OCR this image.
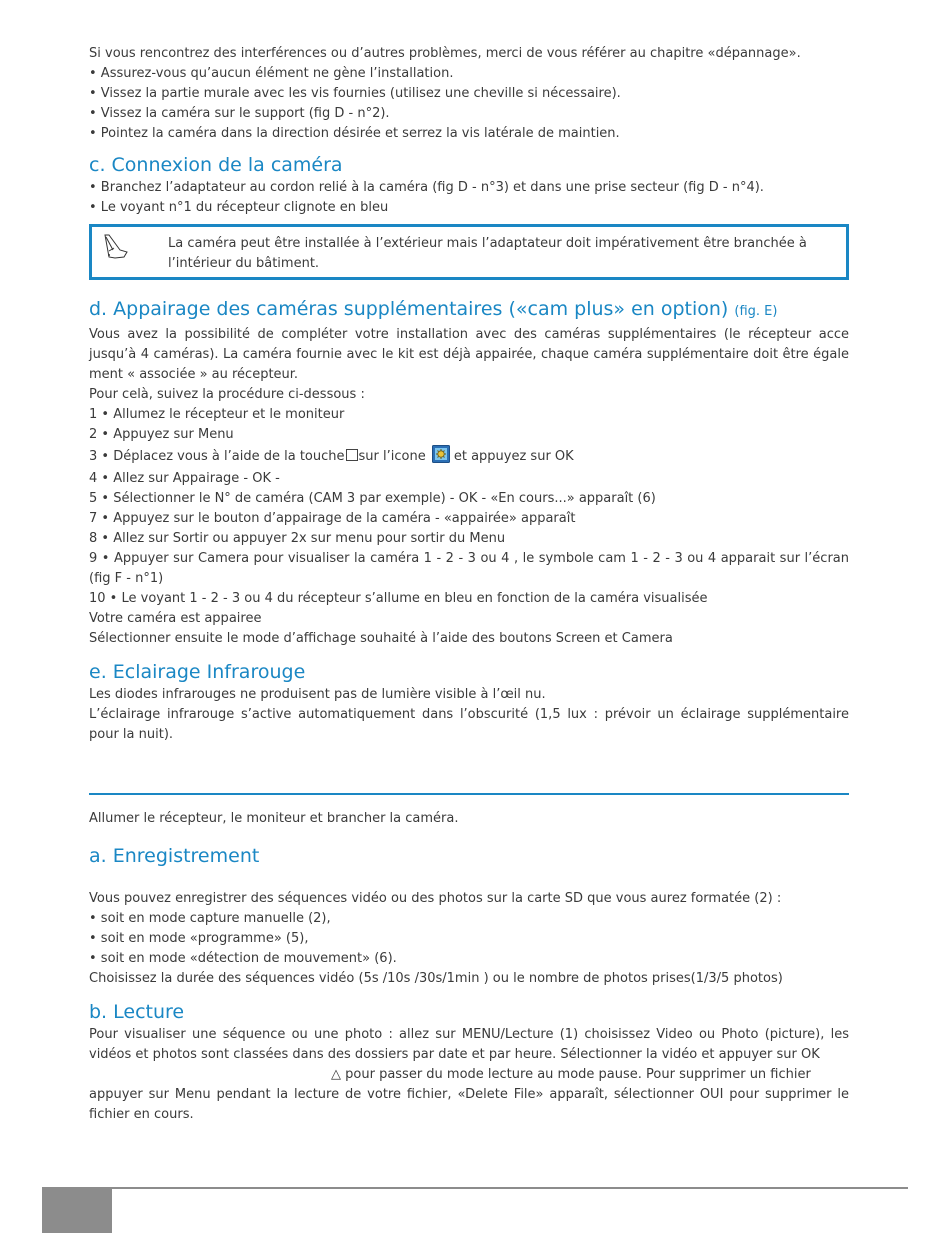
Si vous rencontrez des interférences ou d’autres problèmes, merci de vous référer au chapitre «dépannage».
• Assurez-vous qu’aucun élément ne gène l’installation.
• Vissez la partie murale avec les vis fournies (utilisez une cheville si nécessaire).
• Vissez la caméra sur le support (fig D - n°2).
• Pointez la caméra dans la direction désirée et serrez la vis latérale de maintien.
c. Connexion de la caméra
• Branchez l’adaptateur au cordon relié à la caméra (fig D - n°3) et dans une prise secteur (fig D - n°4).
• Le voyant n°1 du récepteur clignote en bleu
La caméra peut être installée à l’extérieur mais l’adaptateur doit impérativement être branchée à l’intérieur du bâtiment.
d. Appairage des caméras supplémentaires («cam plus» en option) (fig. E)
Vous avez la possibilité de compléter votre installation avec des caméras supplémentaires (le récepteur acce jusqu’à 4 caméras). La caméra fournie avec le kit est déjà appairée, chaque caméra supplémentaire doit être égale ment « associée » au récepteur.
Pour celà, suivez la procédure ci-dessous :
1 • Allumez le récepteur et le moniteur
2 • Appuyez sur Menu
3 • Déplacez vous à l’aide de la touche sur l’icone et appuyez sur OK
4 • Allez sur Appairage - OK -
5 • Sélectionner le N° de caméra (CAM 3 par exemple) - OK - «En cours...» apparaît (6)
7 • Appuyez sur le bouton d’appairage de la caméra - «appairée» apparaît
8 • Allez sur Sortir ou appuyer 2x sur menu pour sortir du Menu
9 • Appuyer sur Camera pour visualiser la caméra 1 - 2 - 3 ou 4 , le symbole cam 1 - 2 - 3 ou 4 apparait sur l’écran (fig F - n°1)
10 • Le voyant 1 - 2 - 3 ou 4 du récepteur s’allume en bleu en fonction de la caméra visualisée
Votre caméra est appairee
Sélectionner ensuite le mode d’affichage souhaité à l’aide des boutons Screen et Camera
e. Eclairage Infrarouge
Les diodes infrarouges ne produisent pas de lumière visible à l’œil nu.
L’éclairage infrarouge s’active automatiquement dans l’obscurité (1,5 lux : prévoir un éclairage supplémentaire pour la nuit).
Allumer le récepteur, le moniteur et brancher la caméra.
a. Enregistrement
Vous pouvez enregistrer des séquences vidéo ou des photos sur la carte SD que vous aurez formatée (2) :
• soit en mode capture manuelle (2),
• soit en mode «programme» (5),
• soit en mode «détection de mouvement» (6).
Choisissez la durée des séquences vidéo (5s /10s /30s/1min ) ou le nombre de photos prises(1/3/5 photos)
b. Lecture
Pour visualiser une séquence ou une photo : allez sur MENU/Lecture (1) choisissez Video ou Photo (picture), les vidéos et photos sont classées dans des dossiers par date et par heure. Sélectionner la vidéo et appuyer sur OK
△ pour passer du mode lecture au mode pause. Pour supprimer un fichier
appuyer sur Menu pendant la lecture de votre fichier, «Delete File» apparaît, sélectionner OUI pour supprimer le fichier en cours.
